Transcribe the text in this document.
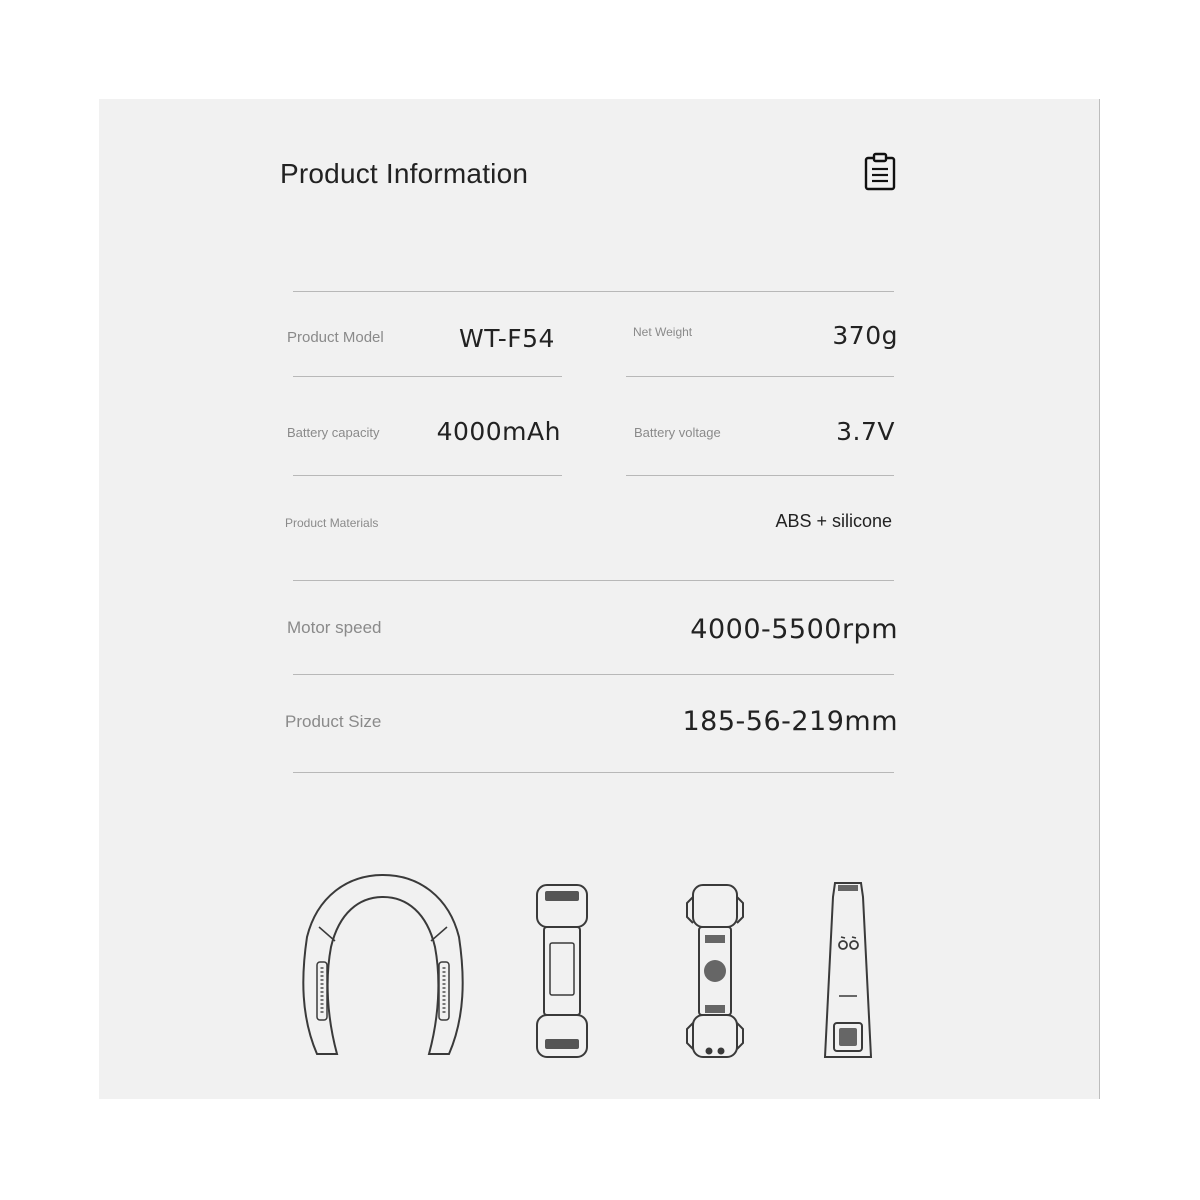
Product Information
Product Model	WT-F54	Net Weight	370g
Battery capacity 4000mAh	Battery voltage	3.7V
Product Materials	ABS + silicone
Motor speed	4000-5500rpm
Product Size	185-56-219mm
